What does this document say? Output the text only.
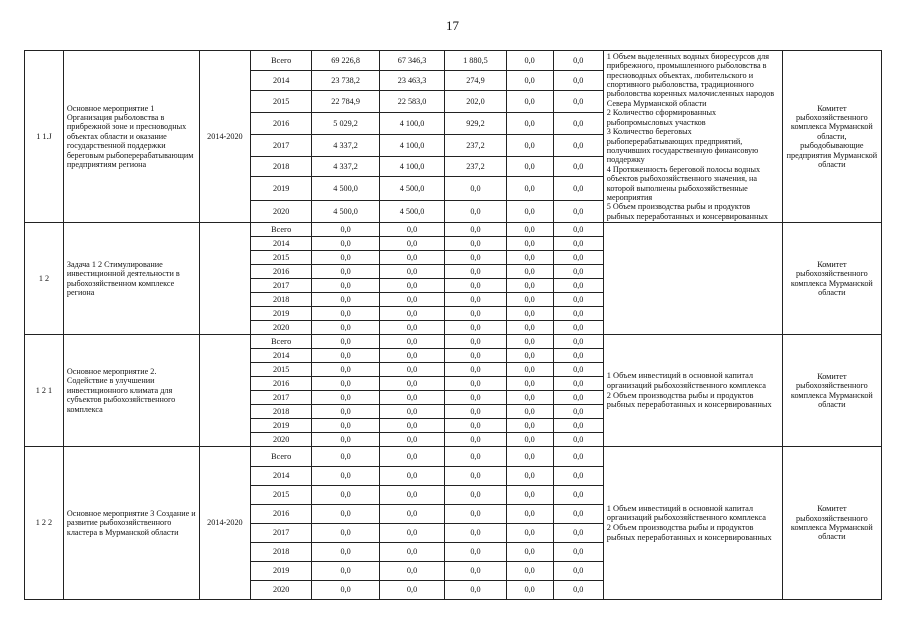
17
1 1.J	Основное мероприятие 1 Организация рыболовства в прибрежной зоне и пресноводных объектах области и оказание государственной поддержки береговым рыбоперерабатывающим предприятиям региона	2014-2020	Всего	69 226,8	67 346,3	1 880,5	0,0	0,0	1 Объем выделенных водных биоресурсов для прибрежного, промышленного рыболовства в пресноводных объектах, любительского и спортивного рыболовства, традиционного рыболовства коренных малочисленных народов Севера Мурманской области
2 Количество сформированных рыбопромысловых участков
3 Количество береговых рыбоперерабатывающих предприятий, получивших государственную финансовую поддержку
4 Протяженность береговой полосы водных объектов рыбохозяйственного значения, на которой выполнены рыбохозяйственные мероприятия
5 Объем производства рыбы и продуктов рыбных переработанных и консервированных	Комитет рыбохозяйственного комплекса Мурманской области, рыбодобывающие предприятия Мурманской области
			2014	23 738,2	23 463,3	274,9	0,0	0,0		
			2015	22 784,9	22 583,0	202,0	0,0	0,0		
			2016	5 029,2	4 100,0	929,2	0,0	0,0		
			2017	4 337,2	4 100,0	237,2	0,0	0,0		
			2018	4 337,2	4 100,0	237,2	0,0	0,0		
			2019	4 500,0	4 500,0	0,0	0,0	0,0		
			2020	4 500,0	4 500,0	0,0	0,0	0,0		
1 2	Задача 1 2 Стимулирование инвестиционной деятельности в рыбохозяйственном комплексе региона		Всего	0,0	0,0	0,0	0,0	0,0		Комитет рыбохозяйственного комплекса Мурманской области
			2014	0,0	0,0	0,0	0,0	0,0		
			2015	0,0	0,0	0,0	0,0	0,0		
			2016	0,0	0,0	0,0	0,0	0,0		
			2017	0,0	0,0	0,0	0,0	0,0		
			2018	0,0	0,0	0,0	0,0	0,0		
			2019	0,0	0,0	0,0	0,0	0,0		
			2020	0,0	0,0	0,0	0,0	0,0		
1 2 1	Основное мероприятие 2. Содействие в улучшении инвестиционного климата для субъектов рыбохозяйственного комплекса		Всего	0,0	0,0	0,0	0,0	0,0	1 Объем инвестиций в основной капитал организаций рыбохозяйственного комплекса
2 Объем производства рыбы и продуктов рыбных переработанных и консервированных	Комитет рыбохозяйственного комплекса Мурманской области
			2014	0,0	0,0	0,0	0,0	0,0		
			2015	0,0	0,0	0,0	0,0	0,0		
			2016	0,0	0,0	0,0	0,0	0,0		
			2017	0,0	0,0	0,0	0,0	0,0		
			2018	0,0	0,0	0,0	0,0	0,0		
			2019	0,0	0,0	0,0	0,0	0,0		
			2020	0,0	0,0	0,0	0,0	0,0		
1 2 2	Основное мероприятие 3 Создание и развитие рыбохозяйственного кластера в Мурманской области	2014-2020	Всего	0,0	0,0	0,0	0,0	0,0	1 Объем инвестиций в основной капитал организаций рыбохозяйственного комплекса
2 Объем производства рыбы и продуктов рыбных переработанных и консервированных	Комитет рыбохозяйственного комплекса Мурманской области
			2014	0,0	0,0	0,0	0,0	0,0		
			2015	0,0	0,0	0,0	0,0	0,0		
			2016	0,0	0,0	0,0	0,0	0,0		
			2017	0,0	0,0	0,0	0,0	0,0		
			2018	0,0	0,0	0,0	0,0	0,0		
			2019	0,0	0,0	0,0	0,0	0,0		
			2020	0,0	0,0	0,0	0,0	0,0		
